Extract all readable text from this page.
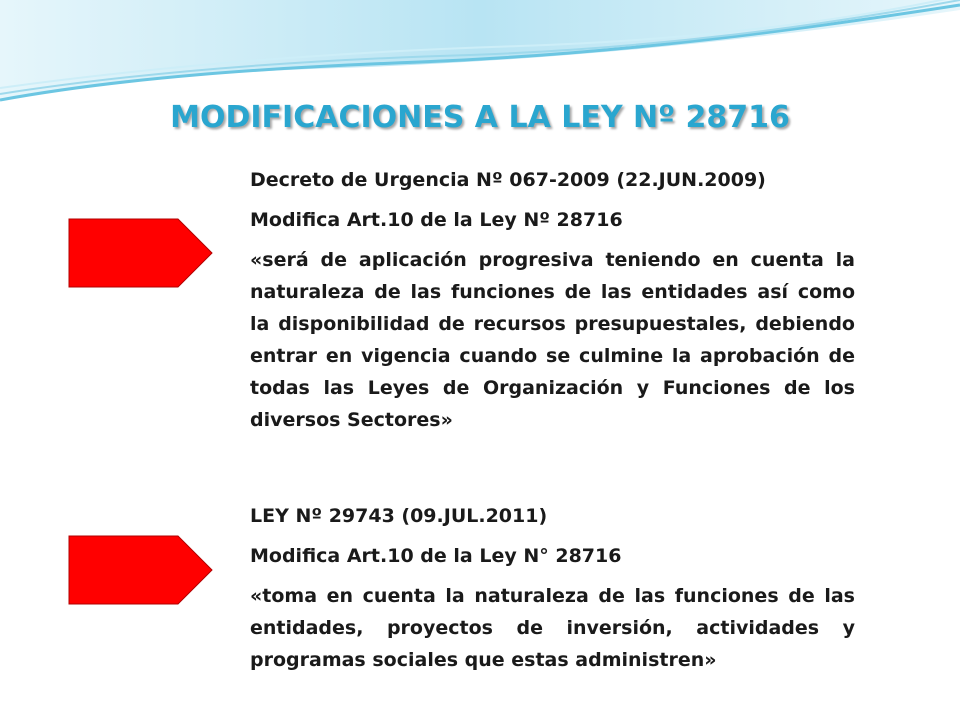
MODIFICACIONES A LA LEY Nº 28716

Decreto de Urgencia Nº 067-2009 (22.JUN.2009)

Modifica Art.10 de la Ley Nº 28716

«será de aplicación progresiva teniendo en cuenta la naturaleza de las funciones de las entidades así como la disponibilidad de recursos presupuestales, debiendo entrar en vigencia cuando se culmine la aprobación de todas las Leyes de Organización y Funciones de los diversos Sectores»

LEY Nº 29743 (09.JUL.2011)

Modifica Art.10 de la Ley N° 28716

«toma en cuenta la naturaleza de las funciones de las entidades, proyectos de inversión, actividades y programas sociales que estas administren»
